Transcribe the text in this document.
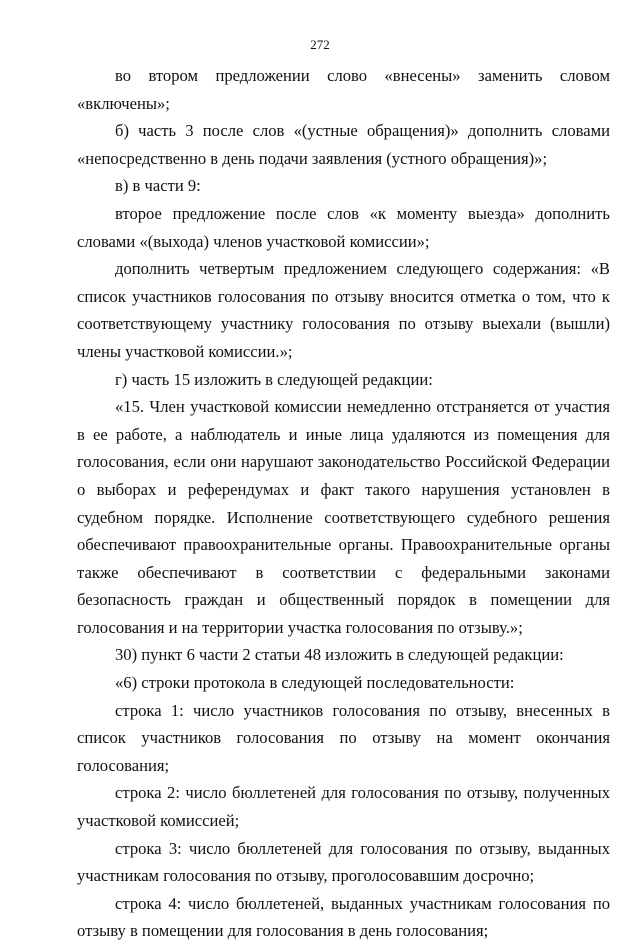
272

во втором предложении слово «внесены» заменить словом «включены»;

б) часть 3 после слов «(устные обращения)» дополнить словами «непосредственно в день подачи заявления (устного обращения)»;

в) в части 9:

второе предложение после слов «к моменту выезда» дополнить словами «(выхода) членов участковой комиссии»;

дополнить четвертым предложением следующего содержания: «В список участников голосования по отзыву вносится отметка о том, что к соответствующему участнику голосования по отзыву выехали (вышли) члены участковой комиссии.»;

г) часть 15 изложить в следующей редакции:

«15. Член участковой комиссии немедленно отстраняется от участия в ее работе, а наблюдатель и иные лица удаляются из помещения для голосования, если они нарушают законодательство Российской Федерации о выборах и референдумах и факт такого нарушения установлен в судебном порядке. Исполнение соответствующего судебного решения обеспечивают правоохранительные органы. Правоохранительные органы также обеспечивают в соответствии с федеральными законами безопасность граждан и общественный порядок в помещении для голосования и на территории участка голосования по отзыву.»;

30) пункт 6 части 2 статьи 48 изложить в следующей редакции:

«6) строки протокола в следующей последовательности:

строка 1: число участников голосования по отзыву, внесенных в список участников голосования по отзыву на момент окончания голосования;

строка 2: число бюллетеней для голосования по отзыву, полученных участковой комиссией;

строка 3: число бюллетеней для голосования по отзыву, выданных участникам голосования по отзыву, проголосовавшим досрочно;

строка 4: число бюллетеней, выданных участникам голосования по отзыву в помещении для голосования в день голосования;
